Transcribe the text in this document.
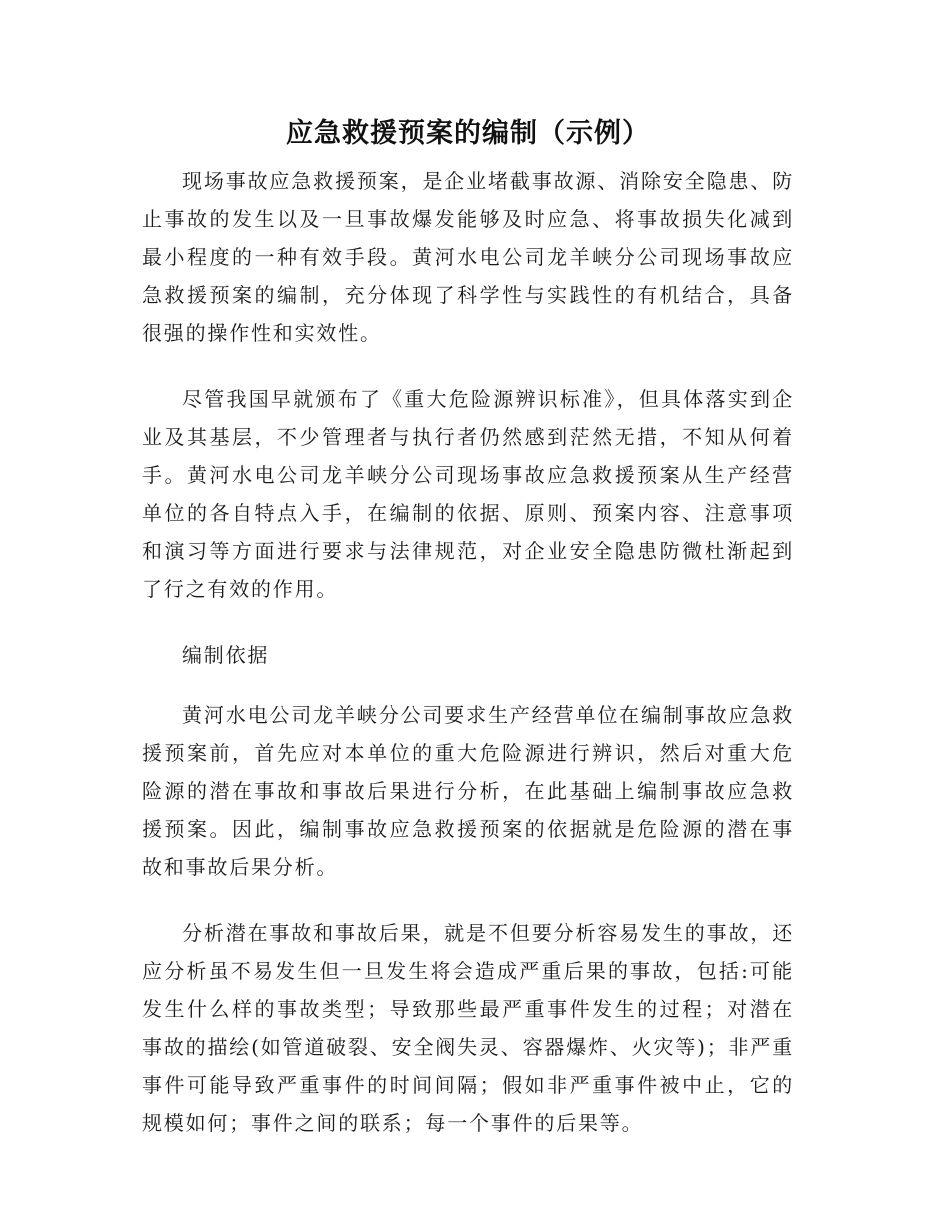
应急救援预案的编制（示例）

现场事故应急救援预案，是企业堵截事故源、消除安全隐患、防止事故的发生以及一旦事故爆发能够及时应急、将事故损失化减到最小程度的一种有效手段。黄河水电公司龙羊峡分公司现场事故应急救援预案的编制，充分体现了科学性与实践性的有机结合，具备很强的操作性和实效性。

尽管我国早就颁布了《重大危险源辨识标准》，但具体落实到企业及其基层，不少管理者与执行者仍然感到茫然无措，不知从何着手。黄河水电公司龙羊峡分公司现场事故应急救援预案从生产经营单位的各自特点入手，在编制的依据、原则、预案内容、注意事项和演习等方面进行要求与法律规范，对企业安全隐患防微杜渐起到了行之有效的作用。

编制依据

黄河水电公司龙羊峡分公司要求生产经营单位在编制事故应急救援预案前，首先应对本单位的重大危险源进行辨识，然后对重大危险源的潜在事故和事故后果进行分析，在此基础上编制事故应急救援预案。因此，编制事故应急救援预案的依据就是危险源的潜在事故和事故后果分析。

分析潜在事故和事故后果，就是不但要分析容易发生的事故，还应分析虽不易发生但一旦发生将会造成严重后果的事故，包括:可能发生什么样的事故类型；导致那些最严重事件发生的过程；对潜在事故的描绘(如管道破裂、安全阀失灵、容器爆炸、火灾等)；非严重事件可能导致严重事件的时间间隔；假如非严重事件被中止，它的规模如何；事件之间的联系；每一个事件的后果等。
